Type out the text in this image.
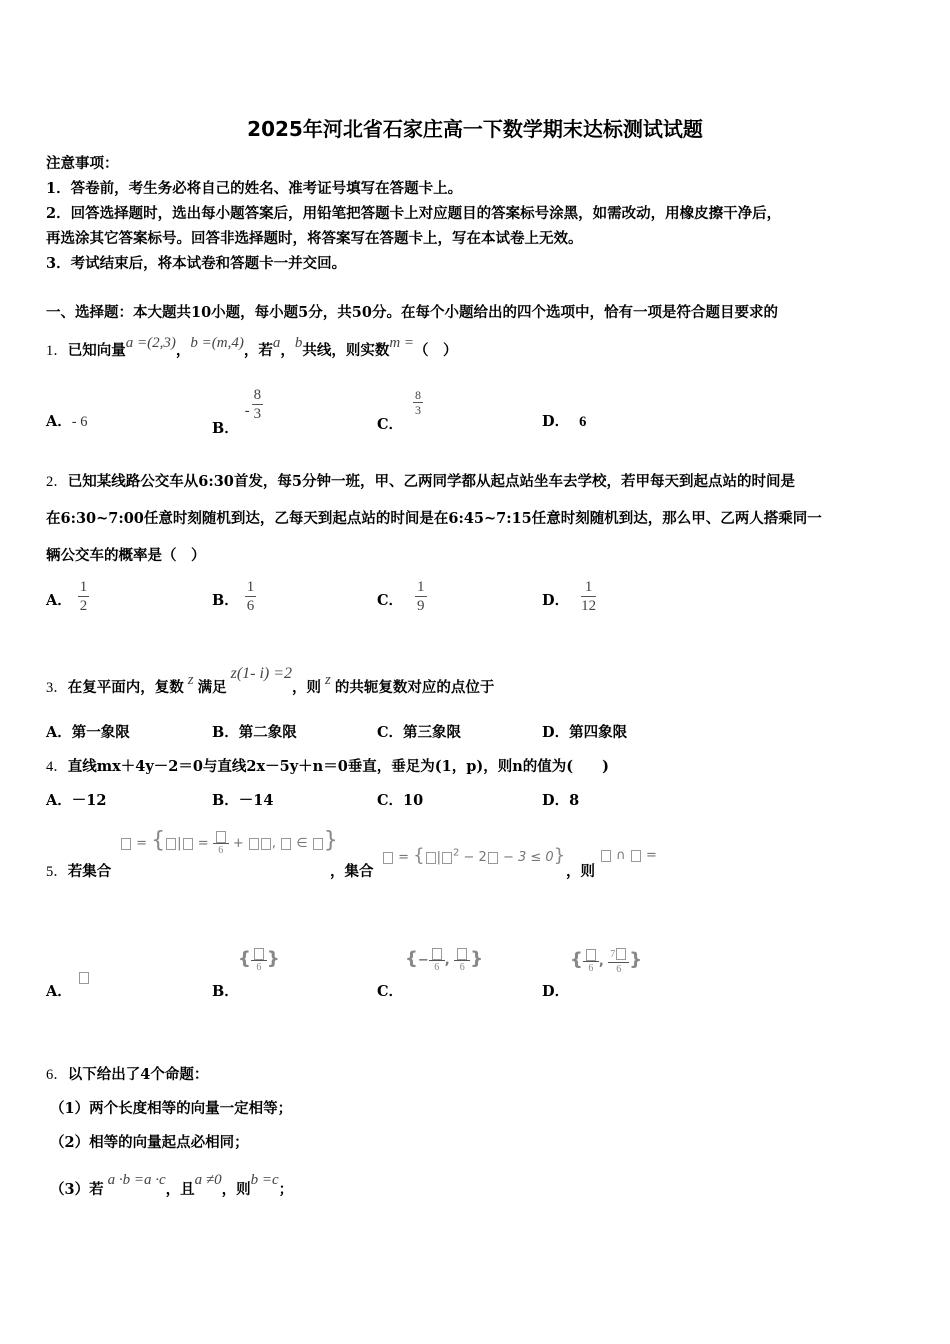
2025年河北省石家庄高一下数学期末达标测试试题
注意事项：
1．答卷前，考生务必将自己的姓名、准考证号填写在答题卡上。
2．回答选择题时，选出每小题答案后，用铅笔把答题卡上对应题目的答案标号涂黑，如需改动，用橡皮擦干净后，
再选涂其它答案标号。回答非选择题时，将答案写在答题卡上，写在本试卷上无效。
3．考试结束后，将本试卷和答题卡一并交回。
一、选择题：本大题共10小题，每小题5分，共50分。在每个小题给出的四个选项中，恰有一项是符合题目要求的
1．已知向量a =(2,3)，b =(m,4)，若a，b共线，则实数m =（　）
A．- 6	B．- $\frac{8}{3}$
C．
$\frac{8}{3}$
D． 6
2．已知某线路公交车从6:30首发，每5分钟一班，甲、乙两同学都从起点站坐车去学校，若甲每天到起点站的时间是
在6:30~7:00任意时刻随机到达，乙每天到起点站的时间是在6:45~7:15任意时刻随机到达，那么甲、乙两人搭乘同一
辆公交车的概率是（　）
A． $\frac{1}{2}$	B． $\frac{1}{6}$	C． $\frac{1}{9}$	D． $\frac{1}{12}$
3．在复平面内，复数 z 满足z(1- i) =2，则 z 的共轭复数对应的点位于
A．第一象限	B．第二象限	C．第三象限	D．第四象限
4．直线mx＋4y－2＝0与直线2x－5y＋n＝0垂直，垂足为(1，p)，则n的值为(　　)
A．－12	B．－14	C．10	D．8
5．若集合	，集合	，则
= { | = 6 + ,  ∈ }
= { | $^2$ − 2 − 3 ≤ 0}	∩ =
A．	B．
{ 6 }
C．
{− 6 , 6 }
D．
{ 6 , $\frac{7}{6}$ }
6．以下给出了4个命题：
（1）两个长度相等的向量一定相等；
（2）相等的向量起点必相同；
（3）若a ·b =a ·c，且a ≠0，则b =c；
